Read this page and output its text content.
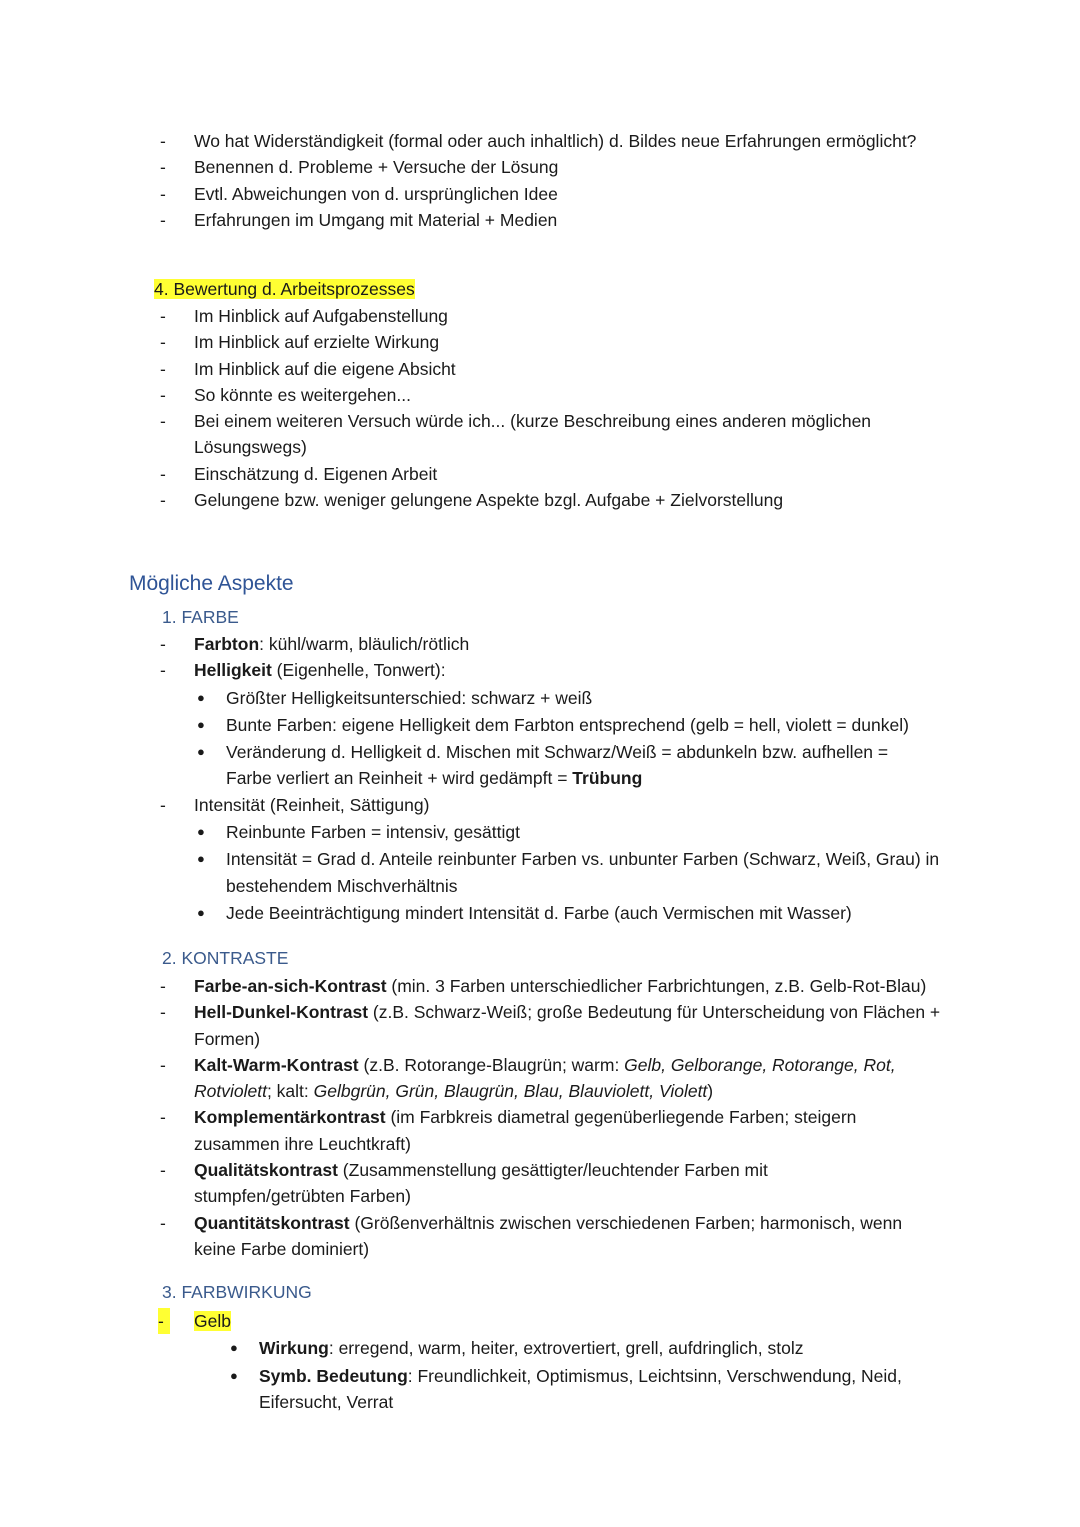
- Wo hat Widerständigkeit (formal oder auch inhaltlich) d. Bildes neue Erfahrungen ermöglicht?
- Benennen d. Probleme + Versuche der Lösung
- Evtl. Abweichungen von d. ursprünglichen Idee
- Erfahrungen im Umgang mit Material + Medien
4. Bewertung d. Arbeitsprozesses
- Im Hinblick auf Aufgabenstellung
- Im Hinblick auf erzielte Wirkung
- Im Hinblick auf die eigene Absicht
- So könnte es weitergehen...
- Bei einem weiteren Versuch würde ich... (kurze Beschreibung eines anderen möglichen Lösungswegs)
- Einschätzung d. Eigenen Arbeit
- Gelungene bzw. weniger gelungene Aspekte bzgl. Aufgabe + Zielvorstellung
Mögliche Aspekte
1. FARBE
- Farbton: kühl/warm, bläulich/rötlich
- Helligkeit (Eigenhelle, Tonwert):
● Größter Helligkeitsunterschied: schwarz + weiß
● Bunte Farben: eigene Helligkeit dem Farbton entsprechend (gelb = hell, violett = dunkel)
● Veränderung d. Helligkeit d. Mischen mit Schwarz/Weiß = abdunkeln bzw. aufhellen = Farbe verliert an Reinheit + wird gedämpft = Trübung
- Intensität (Reinheit, Sättigung)
● Reinbunte Farben = intensiv, gesättigt
● Intensität = Grad d. Anteile reinbunter Farben vs. unbunter Farben (Schwarz, Weiß, Grau) in bestehendem Mischverhältnis
● Jede Beeinträchtigung mindert Intensität d. Farbe (auch Vermischen mit Wasser)
2. KONTRASTE
- Farbe-an-sich-Kontrast (min. 3 Farben unterschiedlicher Farbrichtungen, z.B. Gelb-Rot-Blau)
- Hell-Dunkel-Kontrast (z.B. Schwarz-Weiß; große Bedeutung für Unterscheidung von Flächen + Formen)
- Kalt-Warm-Kontrast (z.B. Rotorange-Blaugrün; warm: Gelb, Gelborange, Rotorange, Rot, Rotviolett; kalt: Gelbgrün, Grün, Blaugrün, Blau, Blauviolett, Violett)
- Komplementärkontrast (im Farbkreis diametral gegenüberliegende Farben; steigern zusammen ihre Leuchtkraft)
- Qualitätskontrast (Zusammenstellung gesättigter/leuchtender Farben mit stumpfen/getrübten Farben)
- Quantitätskontrast (Größenverhältnis zwischen verschiedenen Farben; harmonisch, wenn keine Farbe dominiert)
3. FARBWIRKUNG
-	Gelb
● Wirkung: erregend, warm, heiter, extrovertiert, grell, aufdringlich, stolz
● Symb. Bedeutung: Freundlichkeit, Optimismus, Leichtsinn, Verschwendung, Neid, Eifersucht, Verrat
